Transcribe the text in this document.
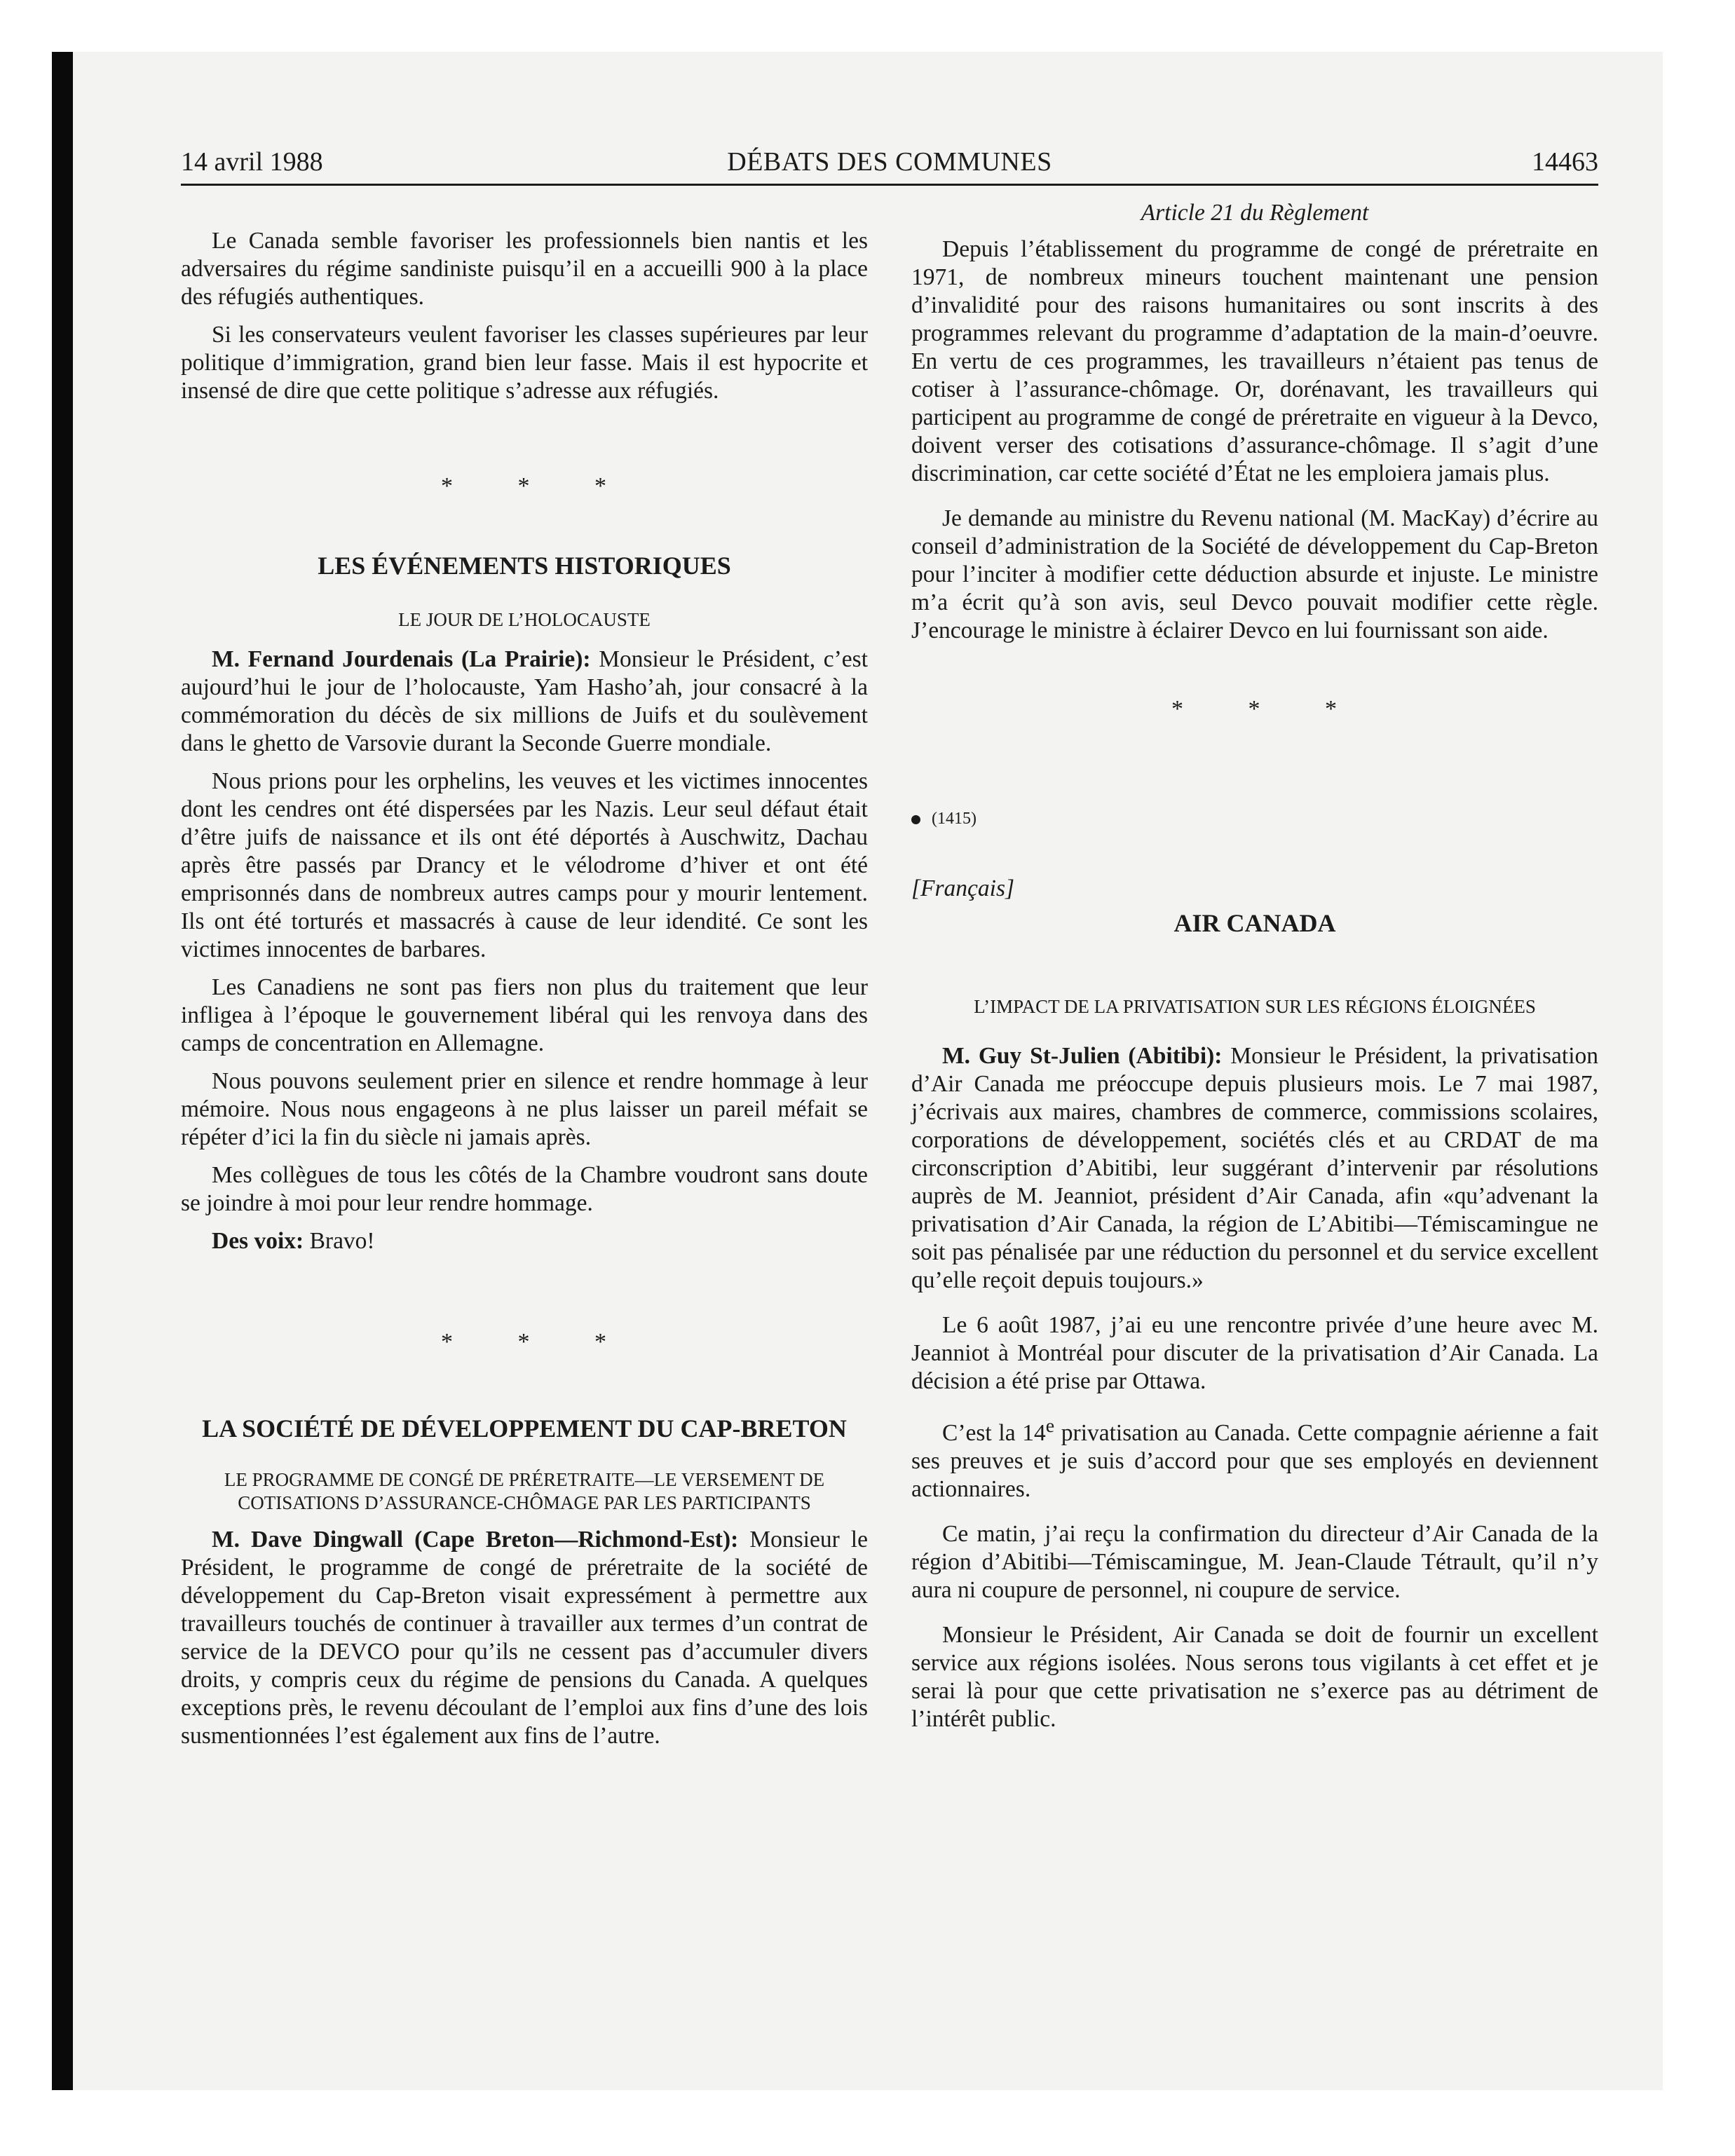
14 avril 1988	DÉBATS DES COMMUNES	14463

Le Canada semble favoriser les professionnels bien nantis et les adversaires du régime sandiniste puisqu’il en a accueilli 900 à la place des réfugiés authentiques.

Si les conservateurs veulent favoriser les classes supérieures par leur politique d’immigration, grand bien leur fasse. Mais il est hypocrite et insensé de dire que cette politique s’adresse aux réfugiés.

* * *

LES ÉVÉNEMENTS HISTORIQUES

LE JOUR DE L’HOLOCAUSTE

M. Fernand Jourdenais (La Prairie): Monsieur le Président, c’est aujourd’hui le jour de l’holocauste, Yam Hasho’ah, jour consacré à la commémoration du décès de six millions de Juifs et du soulèvement dans le ghetto de Varsovie durant la Seconde Guerre mondiale.

Nous prions pour les orphelins, les veuves et les victimes innocentes dont les cendres ont été dispersées par les Nazis. Leur seul défaut était d’être juifs de naissance et ils ont été déportés à Auschwitz, Dachau après être passés par Drancy et le vélodrome d’hiver et ont été emprisonnés dans de nombreux autres camps pour y mourir lentement. Ils ont été torturés et massacrés à cause de leur idendité. Ce sont les victimes innocentes de barbares.

Les Canadiens ne sont pas fiers non plus du traitement que leur infligea à l’époque le gouvernement libéral qui les renvoya dans des camps de concentration en Allemagne.

Nous pouvons seulement prier en silence et rendre hommage à leur mémoire. Nous nous engageons à ne plus laisser un pareil méfait se répéter d’ici la fin du siècle ni jamais après.

Mes collègues de tous les côtés de la Chambre voudront sans doute se joindre à moi pour leur rendre hommage.

Des voix: Bravo!

* * *

LA SOCIÉTÉ DE DÉVELOPPEMENT DU CAP-BRETON

LE PROGRAMME DE CONGÉ DE PRÉRETRAITE—LE VERSEMENT DE COTISATIONS D’ASSURANCE-CHÔMAGE PAR LES PARTICIPANTS

M. Dave Dingwall (Cape Breton—Richmond-Est): Monsieur le Président, le programme de congé de préretraite de la société de développement du Cap-Breton visait expressément à permettre aux travailleurs touchés de continuer à travailler aux termes d’un contrat de service de la DEVCO pour qu’ils ne cessent pas d’accumuler divers droits, y compris ceux du régime de pensions du Canada. A quelques exceptions près, le revenu découlant de l’emploi aux fins d’une des lois susmentionnées l’est également aux fins de l’autre.

Article 21 du Règlement

Depuis l’établissement du programme de congé de préretraite en 1971, de nombreux mineurs touchent maintenant une pension d’invalidité pour des raisons humanitaires ou sont inscrits à des programmes relevant du programme d’adaptation de la main-d’oeuvre. En vertu de ces programmes, les travailleurs n’étaient pas tenus de cotiser à l’assurance-chômage. Or, dorénavant, les travailleurs qui participent au programme de congé de préretraite en vigueur à la Devco, doivent verser des cotisations d’assurance-chômage. Il s’agit d’une discrimination, car cette société d’État ne les emploiera jamais plus.

Je demande au ministre du Revenu national (M. MacKay) d’écrire au conseil d’administration de la Société de développement du Cap-Breton pour l’inciter à modifier cette déduction absurde et injuste. Le ministre m’a écrit qu’à son avis, seul Devco pouvait modifier cette règle. J’encourage le ministre à éclairer Devco en lui fournissant son aide.

* * *

(1415)

[Français]

AIR CANADA

L’IMPACT DE LA PRIVATISATION SUR LES RÉGIONS ÉLOIGNÉES

M. Guy St-Julien (Abitibi): Monsieur le Président, la privatisation d’Air Canada me préoccupe depuis plusieurs mois. Le 7 mai 1987, j’écrivais aux maires, chambres de commerce, commissions scolaires, corporations de développement, sociétés clés et au CRDAT de ma circonscription d’Abitibi, leur suggérant d’intervenir par résolutions auprès de M. Jeanniot, président d’Air Canada, afin «qu’advenant la privatisation d’Air Canada, la région de L’Abitibi—Témiscamingue ne soit pas pénalisée par une réduction du personnel et du service excellent qu’elle reçoit depuis toujours.»

Le 6 août 1987, j’ai eu une rencontre privée d’une heure avec M. Jeanniot à Montréal pour discuter de la privatisation d’Air Canada. La décision a été prise par Ottawa.

C’est la 14e privatisation au Canada. Cette compagnie aérienne a fait ses preuves et je suis d’accord pour que ses employés en deviennent actionnaires.

Ce matin, j’ai reçu la confirmation du directeur d’Air Canada de la région d’Abitibi—Témiscamingue, M. Jean-Claude Tétrault, qu’il n’y aura ni coupure de personnel, ni coupure de service.

Monsieur le Président, Air Canada se doit de fournir un excellent service aux régions isolées. Nous serons tous vigilants à cet effet et je serai là pour que cette privatisation ne s’exerce pas au détriment de l’intérêt public.
